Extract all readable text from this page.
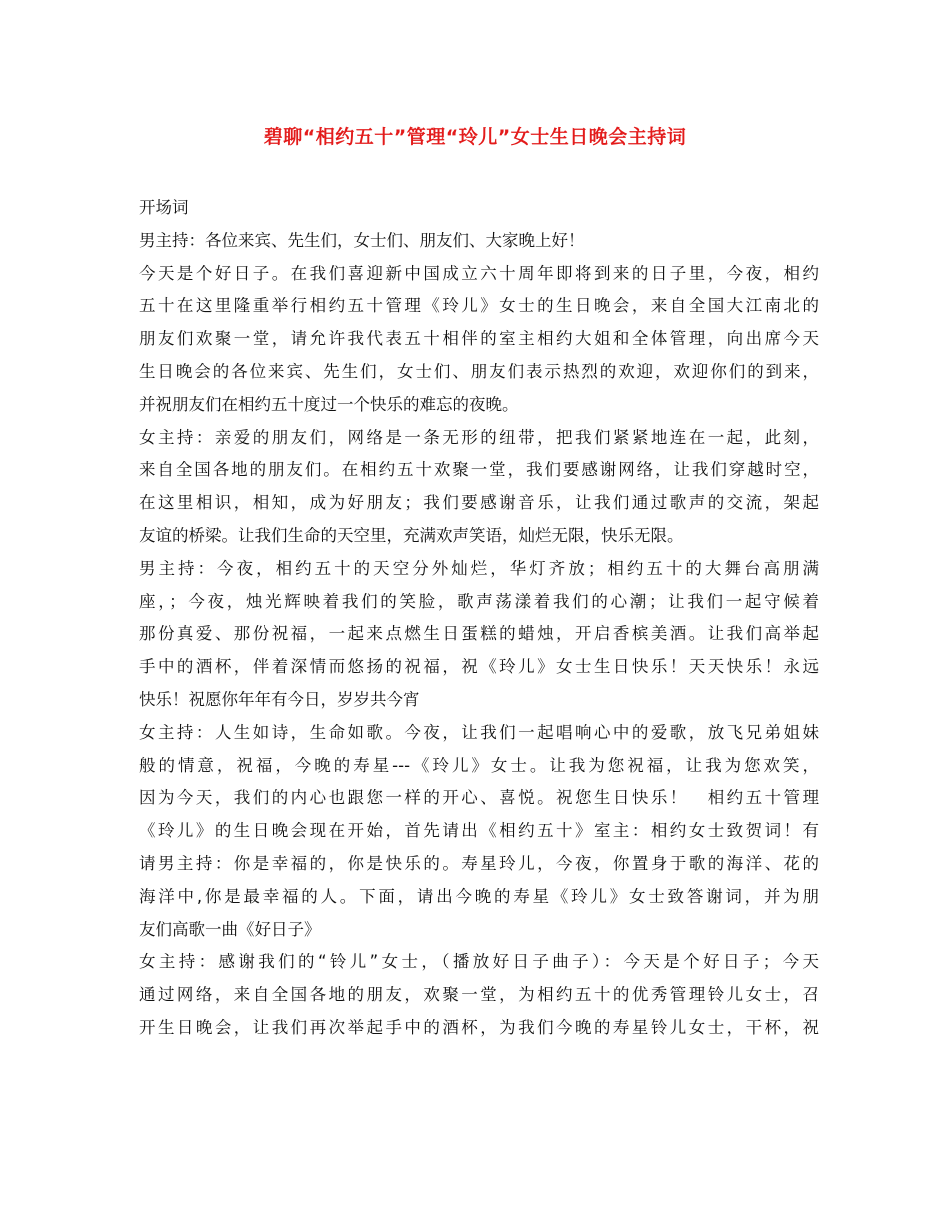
碧聊“相约五十”管理“玲儿”女士生日晚会主持词
开场词
男主持：各位来宾、先生们，女士们、朋友们、大家晚上好！
今天是个好日子。在我们喜迎新中国成立六十周年即将到来的日子里，今夜，相约
五十在这里隆重举行相约五十管理《玲儿》女士的生日晚会，来自全国大江南北的
朋友们欢聚一堂，请允许我代表五十相伴的室主相约大姐和全体管理，向出席今天
生日晚会的各位来宾、先生们，女士们、朋友们表示热烈的欢迎，欢迎你们的到来，
并祝朋友们在相约五十度过一个快乐的难忘的夜晚。
女主持：亲爱的朋友们，网络是一条无形的纽带，把我们紧紧地连在一起，此刻，
来自全国各地的朋友们。在相约五十欢聚一堂，我们要感谢网络，让我们穿越时空，
在这里相识，相知，成为好朋友；我们要感谢音乐，让我们通过歌声的交流，架起
友谊的桥梁。让我们生命的天空里，充满欢声笑语，灿烂无限，快乐无限。
男主持：今夜，相约五十的天空分外灿烂，华灯齐放；相约五十的大舞台高朋满
座，；今夜，烛光辉映着我们的笑脸，歌声荡漾着我们的心潮；让我们一起守候着
那份真爱、那份祝福，一起来点燃生日蛋糕的蜡烛，开启香槟美酒。让我们高举起
手中的酒杯，伴着深情而悠扬的祝福，祝《玲儿》女士生日快乐！天天快乐！永远
快乐！祝愿你年年有今日，岁岁共今宵
女主持：人生如诗，生命如歌。今夜，让我们一起唱响心中的爱歌，放飞兄弟姐妹
般的情意，祝福，今晚的寿星---《玲儿》女士。让我为您祝福，让我为您欢笑，
因为今天，我们的内心也跟您一样的开心、喜悦。祝您生日快乐！　相约五十管理
《玲儿》的生日晚会现在开始，首先请出《相约五十》室主：相约女士致贺词！有
请男主持：你是幸福的，你是快乐的。寿星玲儿，今夜，你置身于歌的海洋、花的
海洋中,你是最幸福的人。下面，请出今晚的寿星《玲儿》女士致答谢词，并为朋
友们高歌一曲《好日子》
女主持：感谢我们的“铃儿”女士，（播放好日子曲子）：今天是个好日子；今天
通过网络，来自全国各地的朋友，欢聚一堂，为相约五十的优秀管理铃儿女士，召
开生日晚会，让我们再次举起手中的酒杯，为我们今晚的寿星铃儿女士，干杯，祝
